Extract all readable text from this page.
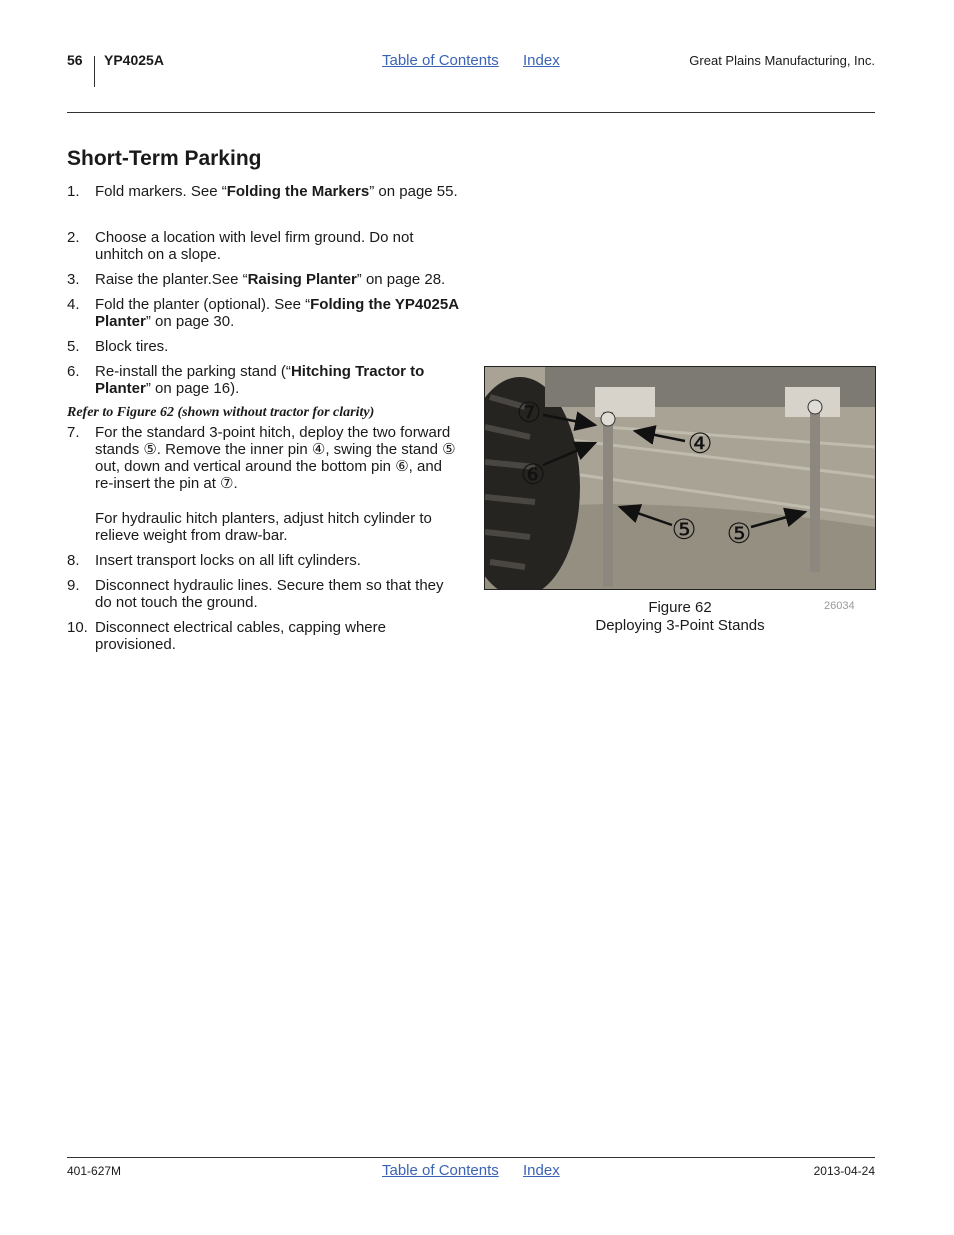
56 YP4025A	Table of Contents Index	Great Plains Manufacturing, Inc.
Short-Term Parking
1. Fold markers. See “Folding the Markers” on page 55.
2. Choose a location with level firm ground. Do not unhitch on a slope.
3. Raise the planter.See “Raising Planter” on page 28.
4. Fold the planter (optional). See “Folding the YP4025A Planter” on page 30.
5. Block tires.
6. Re-install the parking stand (“Hitching Tractor to Planter” on page 16).
Refer to Figure 62 (shown without tractor for clarity)
7. For the standard 3-point hitch, deploy the two forward stands ⑤. Remove the inner pin ④, swing the stand ⑤ out, down and vertical around the bottom pin ⑥, and re-insert the pin at ⑦.
For hydraulic hitch planters, adjust hitch cylinder to relieve weight from draw-bar.
8. Insert transport locks on all lift cylinders.
9. Disconnect hydraulic lines. Secure them so that they do not touch the ground.
10. Disconnect electrical cables, capping where provisioned.
⑦
④
⑥
⑤ ⑤
Figure 62
Deploying 3-Point Stands
26034
401-627M	Table of Contents Index	2013-04-24
